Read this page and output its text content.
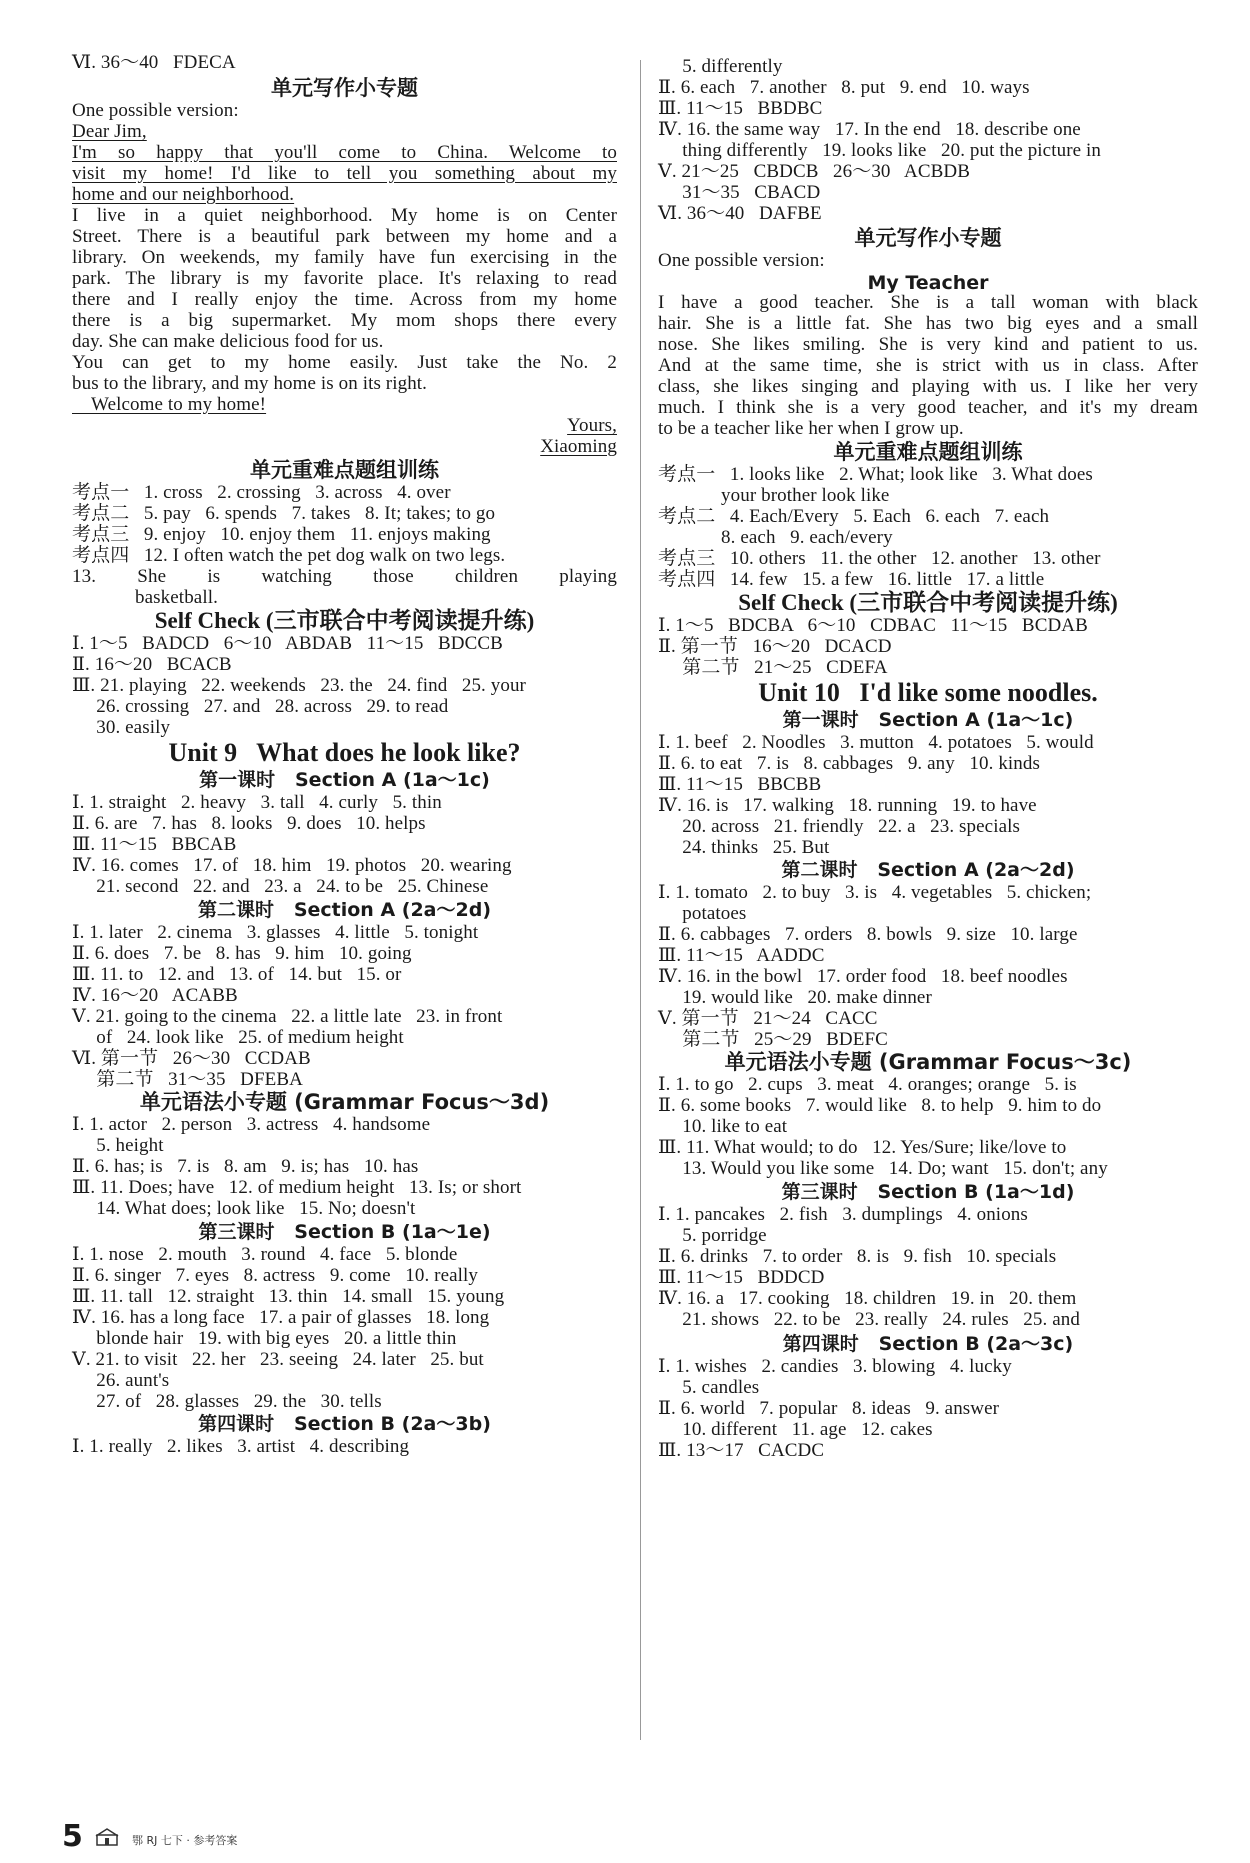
Ⅵ. 36～40   FDECA
单元写作小专题
One possible version:
Dear Jim,
I'm so happy that you'll come to China. Welcome to
visit my home! I'd like to tell you something about my
home and our neighborhood.
I live in a quiet neighborhood. My home is on Center
Street. There is a beautiful park between my home and a
library. On weekends, my family have fun exercising in the
park. The library is my favorite place. It's relaxing to read
there and I really enjoy the time. Across from my home
there is a big supermarket. My mom shops there every
day. She can make delicious food for us.
You can get to my home easily. Just take the No. 2
bus to the library, and my home is on its right.
Welcome to my home!
Yours,
Xiaoming
单元重难点题组训练
考点一   1. cross   2. crossing   3. across   4. over
考点二   5. pay   6. spends   7. takes   8. It; takes; to go
考点三   9. enjoy   10. enjoy them   11. enjoys making
考点四   12. I often watch the pet dog walk on two legs.
13. She is watching those children playing
basketball.
Self Check (三市联合中考阅读提升练)
Ⅰ. 1～5   BADCD   6～10   ABDAB   11～15   BDCCB
Ⅱ. 16～20   BCACB
Ⅲ. 21. playing   22. weekends   23. the   24. find   25. your
26. crossing   27. and   28. across   29. to read
30. easily
Unit 9   What does he look like?
第一课时   Section A (1a～1c)
Ⅰ. 1. straight   2. heavy   3. tall   4. curly   5. thin
Ⅱ. 6. are   7. has   8. looks   9. does   10. helps
Ⅲ. 11～15   BBCAB
Ⅳ. 16. comes   17. of   18. him   19. photos   20. wearing
21. second   22. and   23. a   24. to be   25. Chinese
第二课时   Section A (2a～2d)
Ⅰ. 1. later   2. cinema   3. glasses   4. little   5. tonight
Ⅱ. 6. does   7. be   8. has   9. him   10. going
Ⅲ. 11. to   12. and   13. of   14. but   15. or
Ⅳ. 16～20   ACABB
Ⅴ. 21. going to the cinema   22. a little late   23. in front
of   24. look like   25. of medium height
Ⅵ. 第一节   26～30   CCDAB
第二节   31～35   DFEBA
单元语法小专题 (Grammar Focus～3d)
Ⅰ. 1. actor   2. person   3. actress   4. handsome
5. height
Ⅱ. 6. has; is   7. is   8. am   9. is; has   10. has
Ⅲ. 11. Does; have   12. of medium height   13. Is; or short
14. What does; look like   15. No; doesn't
第三课时   Section B (1a～1e)
Ⅰ. 1. nose   2. mouth   3. round   4. face   5. blonde
Ⅱ. 6. singer   7. eyes   8. actress   9. come   10. really
Ⅲ. 11. tall   12. straight   13. thin   14. small   15. young
Ⅳ. 16. has a long face   17. a pair of glasses   18. long
blonde hair   19. with big eyes   20. a little thin
Ⅴ. 21. to visit   22. her   23. seeing   24. later   25. but
26. aunt's
27. of   28. glasses   29. the   30. tells
第四课时   Section B (2a～3b)
Ⅰ. 1. really   2. likes   3. artist   4. describing
5. differently
Ⅱ. 6. each   7. another   8. put   9. end   10. ways
Ⅲ. 11～15   BBDBC
Ⅳ. 16. the same way   17. In the end   18. describe one
thing differently   19. looks like   20. put the picture in
Ⅴ. 21～25   CBDCB   26～30   ACBDB
31～35   CBACD
Ⅵ. 36～40   DAFBE
单元写作小专题
One possible version:
My Teacher
I have a good teacher. She is a tall woman with black
hair. She is a little fat. She has two big eyes and a small
nose. She likes smiling. She is very kind and patient to us.
And at the same time, she is strict with us in class. After
class, she likes singing and playing with us. I like her very
much. I think she is a very good teacher, and it's my dream
to be a teacher like her when I grow up.
单元重难点题组训练
考点一   1. looks like   2. What; look like   3. What does
your brother look like
考点二   4. Each/Every   5. Each   6. each   7. each
8. each   9. each/every
考点三   10. others   11. the other   12. another   13. other
考点四   14. few   15. a few   16. little   17. a little
Self Check (三市联合中考阅读提升练)
Ⅰ. 1～5   BDCBA   6～10   CDBAC   11～15   BCDAB
Ⅱ. 第一节   16～20   DCACD
第二节   21～25   CDEFA
Unit 10   I'd like some noodles.
第一课时   Section A (1a～1c)
Ⅰ. 1. beef   2. Noodles   3. mutton   4. potatoes   5. would
Ⅱ. 6. to eat   7. is   8. cabbages   9. any   10. kinds
Ⅲ. 11～15   BBCBB
Ⅳ. 16. is   17. walking   18. running   19. to have
20. across   21. friendly   22. a   23. specials
24. thinks   25. But
第二课时   Section A (2a～2d)
Ⅰ. 1. tomato   2. to buy   3. is   4. vegetables   5. chicken;
potatoes
Ⅱ. 6. cabbages   7. orders   8. bowls   9. size   10. large
Ⅲ. 11～15   AADDC
Ⅳ. 16. in the bowl   17. order food   18. beef noodles
19. would like   20. make dinner
Ⅴ. 第一节   21～24   CACC
第二节   25～29   BDEFC
单元语法小专题 (Grammar Focus～3c)
Ⅰ. 1. to go   2. cups   3. meat   4. oranges; orange   5. is
Ⅱ. 6. some books   7. would like   8. to help   9. him to do
10. like to eat
Ⅲ. 11. What would; to do   12. Yes/Sure; like/love to
13. Would you like some   14. Do; want   15. don't; any
第三课时   Section B (1a～1d)
Ⅰ. 1. pancakes   2. fish   3. dumplings   4. onions
5. porridge
Ⅱ. 6. drinks   7. to order   8. is   9. fish   10. specials
Ⅲ. 11～15   BDDCD
Ⅳ. 16. a   17. cooking   18. children   19. in   20. them
21. shows   22. to be   23. really   24. rules   25. and
第四课时   Section B (2a～3c)
Ⅰ. 1. wishes   2. candies   3. blowing   4. lucky
5. candles
Ⅱ. 6. world   7. popular   8. ideas   9. answer
10. different   11. age   12. cakes
Ⅲ. 13～17   CACDC
5	鄂 RJ 七下 · 参考答案
